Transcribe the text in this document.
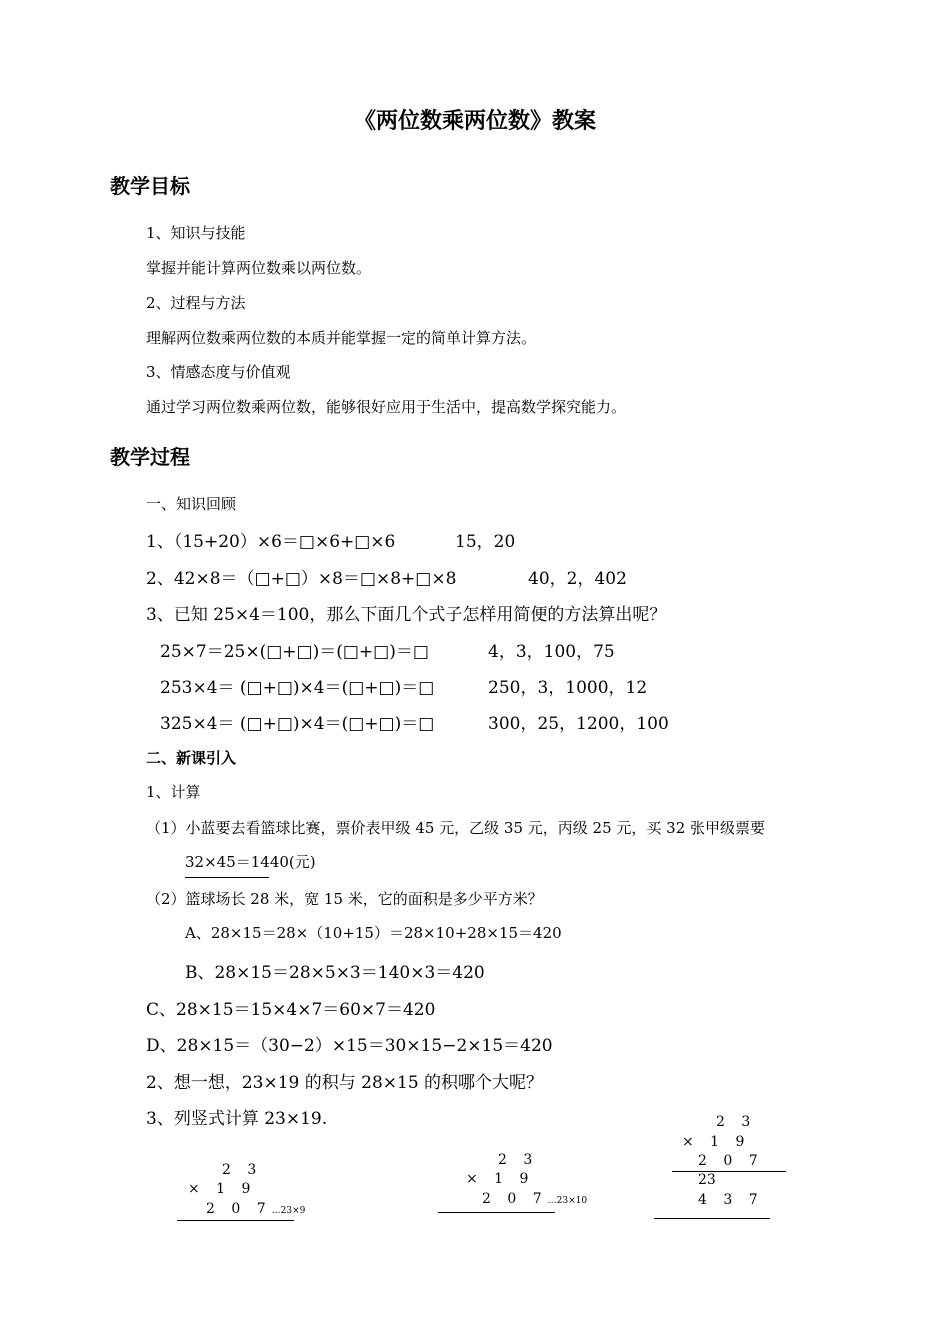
《两位数乘两位数》教案
教学目标
1、知识与技能
掌握并能计算两位数乘以两位数。
2、过程与方法
理解两位数乘两位数的本质并能掌握一定的简单计算方法。
3、情感态度与价值观
通过学习两位数乘两位数，能够很好应用于生活中，提高数学探究能力。
教学过程
一、知识回顾
1、（15+20）×6＝□×6+□×6	15，20
2、42×8＝（□+□）×8＝□×8+□×8	40，2，402
3、已知 25×4＝100，那么下面几个式子怎样用简便的方法算出呢？
25×7＝25×(□+□)＝(□+□)＝□	4，3，100，75
253×4＝ (□+□)×4＝(□+□)＝□	250，3，1000，12
325×4＝ (□+□)×4＝(□+□)＝□	300，25，1200，100
二、新课引入
1、计算
（1）小蓝要去看篮球比赛，票价表甲级 45 元，乙级 35 元，丙级 25 元，买 32 张甲级票要
32×45＝1440(元)
（2）篮球场长 28 米，宽 15 米，它的面积是多少平方米？
A、28×15＝28×（10+15）＝28×10+28×15＝420
B、28×15＝28×5×3＝140×3＝420
C、28×15＝15×4×7＝60×7＝420
D、28×15＝（30−2）×15＝30×15−2×15＝420
2、想一想，23×19 的积与 28×15 的积哪个大呢？
3、列竖式计算 23×19.
2 3
× 1 9
2 0 7…23×9
2 3
× 1 9
2 0 7…23×10
2 3
× 1 9
2 0 7
23
4 3 7
